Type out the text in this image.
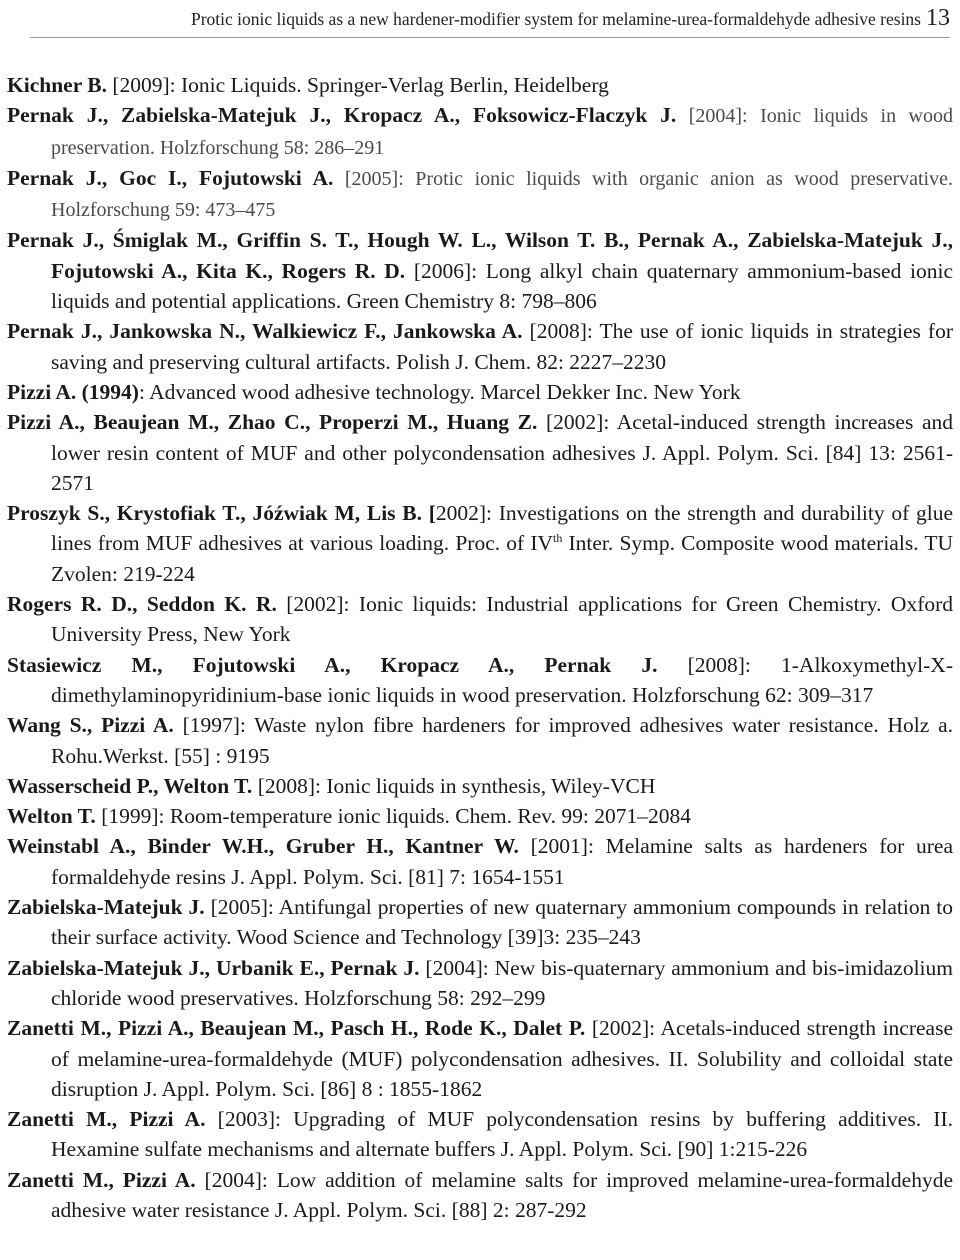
Protic ionic liquids as a new hardener-modifier system for melamine-urea-formaldehyde adhesive resins 13

Kichner B. [2009]: Ionic Liquids. Springer-Verlag Berlin, Heidelberg

Pernak J., Zabielska-Matejuk J., Kropacz A., Foksowicz-Flaczyk J. [2004]: Ionic liquids in wood preservation. Holzforschung 58: 286–291

Pernak J., Goc I., Fojutowski A. [2005]: Protic ionic liquids with organic anion as wood preservative. Holzforschung 59: 473–475

Pernak J., Śmiglak M., Griffin S. T., Hough W. L., Wilson T. B., Pernak A., Zabielska-Matejuk J., Fojutowski A., Kita K., Rogers R. D. [2006]: Long alkyl chain quaternary ammonium-based ionic liquids and potential applications. Green Chemistry 8: 798–806

Pernak J., Jankowska N., Walkiewicz F., Jankowska A. [2008]: The use of ionic liquids in strategies for saving and preserving cultural artifacts. Polish J. Chem. 82: 2227–2230

Pizzi A. (1994): Advanced wood adhesive technology. Marcel Dekker Inc. New York

Pizzi A., Beaujean M., Zhao C., Properzi M., Huang Z. [2002]: Acetal-induced strength increases and lower resin content of MUF and other polycondensation adhesives J. Appl. Polym. Sci. [84] 13: 2561-2571

Proszyk S., Krystofiak T., Jóźwiak M, Lis B. [2002]: Investigations on the strength and durability of glue lines from MUF adhesives at various loading. Proc. of IVth Inter. Symp. Composite wood materials. TU Zvolen: 219-224

Rogers R. D., Seddon K. R. [2002]: Ionic liquids: Industrial applications for Green Chemistry. Oxford University Press, New York

Stasiewicz M., Fojutowski A., Kropacz A., Pernak J. [2008]: 1-Alkoxymethyl-X-dimethylaminopyridinium-base ionic liquids in wood preservation. Holzforschung 62: 309–317

Wang S., Pizzi A. [1997]: Waste nylon fibre hardeners for improved adhesives water resistance. Holz a. Rohu.Werkst. [55] : 9195

Wasserscheid P., Welton T. [2008]: Ionic liquids in synthesis, Wiley-VCH

Welton T. [1999]: Room-temperature ionic liquids. Chem. Rev. 99: 2071–2084

Weinstabl A., Binder W.H., Gruber H., Kantner W. [2001]: Melamine salts as hardeners for urea formaldehyde resins J. Appl. Polym. Sci. [81] 7: 1654-1551

Zabielska-Matejuk J. [2005]: Antifungal properties of new quaternary ammonium compounds in relation to their surface activity. Wood Science and Technology [39]3: 235–243

Zabielska-Matejuk J., Urbanik E., Pernak J. [2004]: New bis-quaternary ammonium and bis-imidazolium chloride wood preservatives. Holzforschung 58: 292–299

Zanetti M., Pizzi A., Beaujean M., Pasch H., Rode K., Dalet P. [2002]: Acetals-induced strength increase of melamine-urea-formaldehyde (MUF) polycondensation adhesives. II. Solubility and colloidal state disruption J. Appl. Polym. Sci. [86] 8 : 1855-1862

Zanetti M., Pizzi A. [2003]: Upgrading of MUF polycondensation resins by buffering additives. II. Hexamine sulfate mechanisms and alternate buffers J. Appl. Polym. Sci. [90] 1:215-226

Zanetti M., Pizzi A. [2004]: Low addition of melamine salts for improved melamine-urea-formaldehyde adhesive water resistance J. Appl. Polym. Sci. [88] 2: 287-292
